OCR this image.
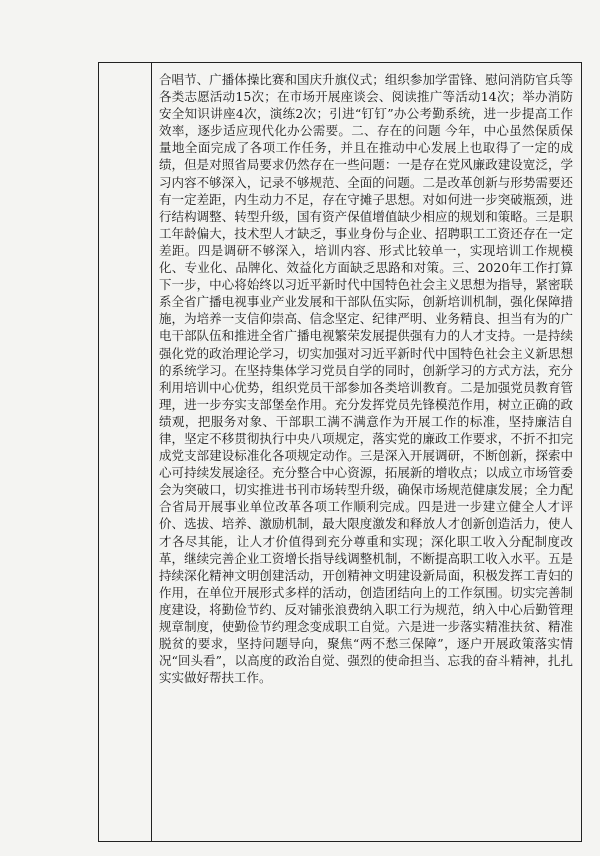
合唱节、广播体操比赛和国庆升旗仪式；组织参加学雷锋、慰问消防官兵等各类志愿活动15次；在市场开展座谈会、阅读推广等活动14次；举办消防安全知识讲座4次，演练2次；引进“钉钉”办公考勤系统，进一步提高工作效率，逐步适应现代化办公需要。二、存在的问题 今年，中心虽然保质保量地全面完成了各项工作任务，并且在推动中心发展上也取得了一定的成绩，但是对照省局要求仍然存在一些问题：一是存在党风廉政建设宽泛，学习内容不够深入，记录不够规范、全面的问题。二是改革创新与形势需要还有一定差距，内生动力不足，存在守摊子思想。对如何进一步突破瓶颈，进行结构调整、转型升级，国有资产保值增值缺少相应的规划和策略。三是职工年龄偏大，技术型人才缺乏，事业身份与企业、招聘职工工资还存在一定差距。四是调研不够深入，培训内容、形式比较单一，实现培训工作规模化、专业化、品牌化、效益化方面缺乏思路和对策。三、2020年工作打算 下一步，中心将始终以习近平新时代中国特色社会主义思想为指导，紧密联系全省广播电视事业产业发展和干部队伍实际，创新培训机制，强化保障措施，为培养一支信仰崇高、信念坚定、纪律严明、业务精良、担当有为的广电干部队伍和推进全省广播电视繁荣发展提供强有力的人才支持。一是持续强化党的政治理论学习，切实加强对习近平新时代中国特色社会主义新思想的系统学习。在坚持集体学习党员自学的同时，创新学习的方式方法，充分利用培训中心优势，组织党员干部参加各类培训教育。二是加强党员教育管理，进一步夯实支部堡垒作用。充分发挥党员先锋模范作用，树立正确的政绩观，把服务对象、干部职工满不满意作为开展工作的标准，坚持廉洁自律，坚定不移贯彻执行中央八项规定，落实党的廉政工作要求，不折不扣完成党支部建设标准化各项规定动作。三是深入开展调研，不断创新，探索中心可持续发展途径。充分整合中心资源，拓展新的增收点；以成立市场管委会为突破口，切实推进书刊市场转型升级，确保市场规范健康发展；全力配合省局开展事业单位改革各项工作顺利完成。四是进一步建立健全人才评价、选拔、培养、激励机制，最大限度激发和释放人才创新创造活力，使人才各尽其能，让人才价值得到充分尊重和实现；深化职工收入分配制度改革，继续完善企业工资增长指导线调整机制，不断提高职工收入水平。五是持续深化精神文明创建活动，开创精神文明建设新局面，积极发挥工青妇的作用，在单位开展形式多样的活动，创造团结向上的工作氛围。切实完善制度建设，将勤俭节约、反对铺张浪费纳入职工行为规范，纳入中心后勤管理规章制度，使勤俭节约理念变成职工自觉。六是进一步落实精准扶贫、精准脱贫的要求，坚持问题导向，聚焦“两不愁三保障”，逐户开展政策落实情况“回头看”，以高度的政治自觉、强烈的使命担当、忘我的奋斗精神，扎扎实实做好帮扶工作。
